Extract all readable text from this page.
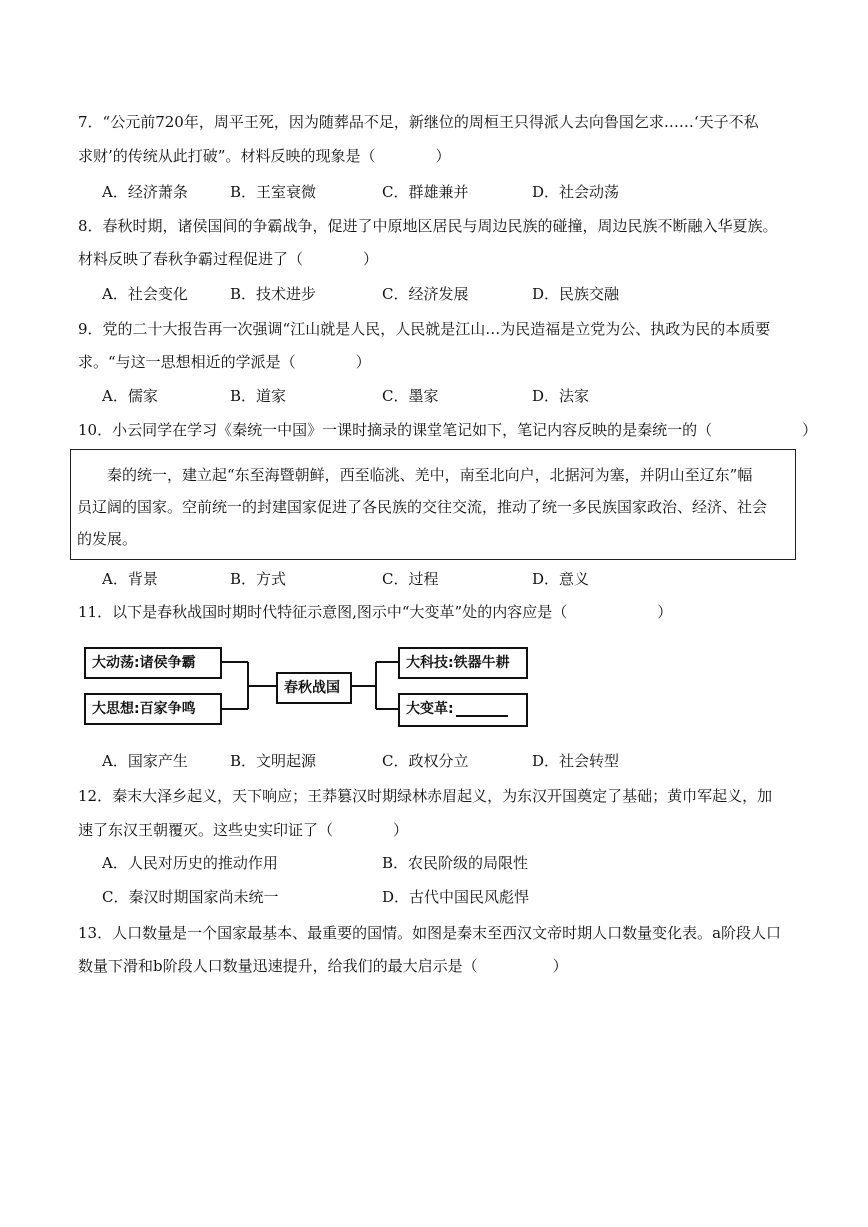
7．“公元前720年，周平王死，因为随葬品不足，新继位的周桓王只得派人去向鲁国乞求……‘天子不私
求财’的传统从此打破”。材料反映的现象是（　　　　）
A．经济萧条	B．王室衰微	C．群雄兼并	D．社会动荡
8．春秋时期，诸侯国间的争霸战争，促进了中原地区居民与周边民族的碰撞，周边民族不断融入华夏族。
材料反映了春秋争霸过程促进了（　　　　）
A．社会变化	B．技术进步	C．经济发展	D．民族交融
9．党的二十大报告再一次强调“江山就是人民，人民就是江山…为民造福是立党为公、执政为民的本质要
求。“与这一思想相近的学派是（　　　　）
A．儒家	B．道家	C．墨家	D．法家
10．小云同学在学习《秦统一中国》一课时摘录的课堂笔记如下，笔记内容反映的是秦统一的（　　　　　　）

　　秦的统一，建立起“东至海暨朝鲜，西至临洮、羌中，南至北向户，北据河为塞，并阴山至辽东”幅

员辽阔的国家。空前统一的封建国家促进了各民族的交往交流，推动了统一多民族国家政治、经济、社会

的发展。

A．背景	B．方式	C．过程	D．意义
11．以下是春秋战国时期时代特征示意图,图示中“大变革”处的内容应是（　　　　　　）
大动荡:诸侯争霸
大思想:百家争鸣
春秋战国
大科技:铁器牛耕
大变革:
A．国家产生	B．文明起源	C．政权分立	D．社会转型
12．秦末大泽乡起义，天下响应；王莽篡汉时期绿林赤眉起义，为东汉开国奠定了基础；黄巾军起义，加
速了东汉王朝覆灭。这些史实印证了（　　　　）
A．人民对历史的推动作用	B．农民阶级的局限性
C．秦汉时期国家尚未统一	D．古代中国民风彪悍
13．人口数量是一个国家最基本、最重要的国情。如图是秦末至西汉文帝时期人口数量变化表。a阶段人口
数量下滑和b阶段人口数量迅速提升，给我们的最大启示是（　　　　　）
